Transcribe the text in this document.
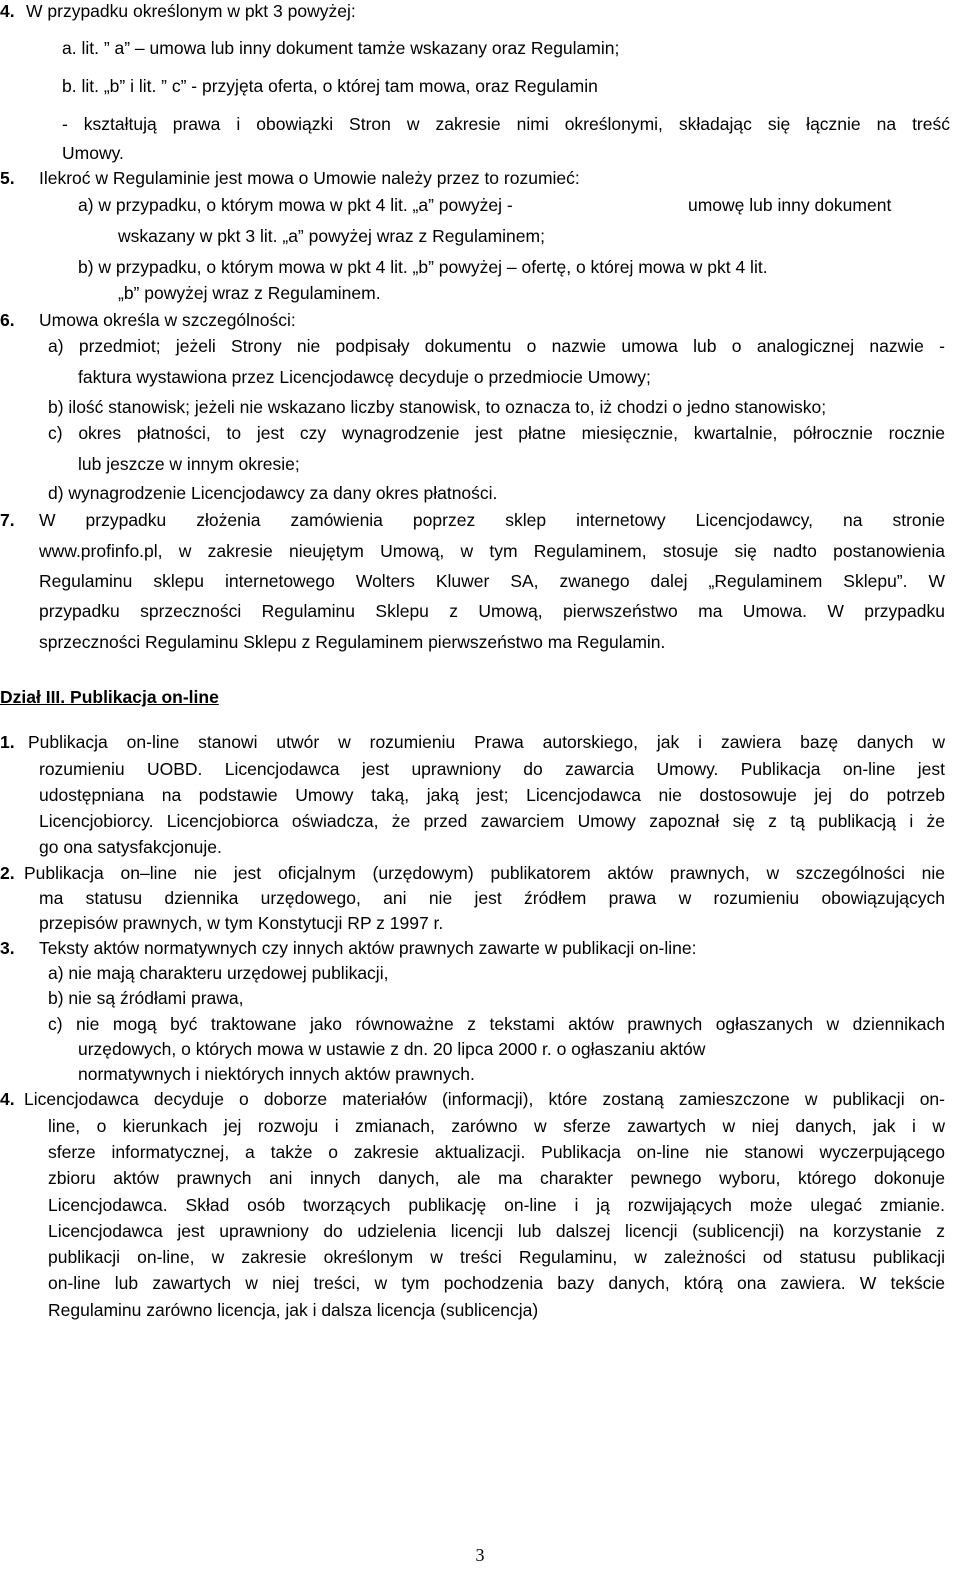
4. W przypadku określonym w pkt 3 powyżej:
a. lit. ” a” – umowa lub inny dokument tamże wskazany oraz Regulamin;
b. lit. „b” i lit. ” c” - przyjęta oferta, o której tam mowa, oraz Regulamin
- kształtują prawa i obowiązki Stron w zakresie nimi określonymi, składając się łącznie na treść
Umowy.
5. Ilekroć w Regulaminie jest mowa o Umowie należy przez to rozumieć:
a) w przypadku, o którym mowa w pkt 4 lit. „a” powyżej -	umowę lub inny dokument
wskazany w pkt 3 lit. „a” powyżej wraz z Regulaminem;
b) w przypadku, o którym mowa w pkt 4 lit. „b” powyżej – ofertę, o której mowa w pkt 4 lit.
„b” powyżej wraz z Regulaminem.
6. Umowa określa w szczególności:
a) przedmiot; jeżeli Strony nie podpisały dokumentu o nazwie umowa lub o analogicznej nazwie -
faktura wystawiona przez Licencjodawcę decyduje o przedmiocie Umowy;
b) ilość stanowisk; jeżeli nie wskazano liczby stanowisk, to oznacza to, iż chodzi o jedno stanowisko;
c) okres płatności, to jest czy wynagrodzenie jest płatne miesięcznie, kwartalnie, półrocznie rocznie
lub jeszcze w innym okresie;
d) wynagrodzenie Licencjodawcy za dany okres płatności.
7. W przypadku złożenia zamówienia poprzez sklep internetowy Licencjodawcy, na stronie
www.profinfo.pl, w zakresie nieujętym Umową, w tym Regulaminem, stosuje się nadto postanowienia
Regulaminu sklepu internetowego Wolters Kluwer SA, zwanego dalej „Regulaminem Sklepu”. W
przypadku sprzeczności Regulaminu Sklepu z Umową, pierwszeństwo ma Umowa. W przypadku
sprzeczności Regulaminu Sklepu z Regulaminem pierwszeństwo ma Regulamin.
Dział III. Publikacja on-line
1. Publikacja on-line stanowi utwór w rozumieniu Prawa autorskiego, jak i zawiera bazę danych w
rozumieniu UOBD. Licencjodawca jest uprawniony do zawarcia Umowy. Publikacja on-line jest
udostępniana na podstawie Umowy taką, jaką jest; Licencjodawca nie dostosowuje jej do potrzeb
Licencjobiorcy. Licencjobiorca oświadcza, że przed zawarciem Umowy zapoznał się z tą publikacją i że
go ona satysfakcjonuje.
2. Publikacja on–line nie jest oficjalnym (urzędowym) publikatorem aktów prawnych, w szczególności nie
ma statusu dziennika urzędowego, ani nie jest źródłem prawa w rozumieniu obowiązujących
przepisów prawnych, w tym Konstytucji RP z 1997 r.
3. Teksty aktów normatywnych czy innych aktów prawnych zawarte w publikacji on-line:
a) nie mają charakteru urzędowej publikacji,
b) nie są źródłami prawa,
c) nie mogą być traktowane jako równoważne z tekstami aktów prawnych ogłaszanych w dziennikach
urzędowych, o których mowa w ustawie z dn. 20 lipca 2000 r. o ogłaszaniu aktów
normatywnych i niektórych innych aktów prawnych.
4. Licencjodawca decyduje o doborze materiałów (informacji), które zostaną zamieszczone w publikacji on-
line, o kierunkach jej rozwoju i zmianach, zarówno w sferze zawartych w niej danych, jak i w
sferze informatycznej, a także o zakresie aktualizacji. Publikacja on-line nie stanowi wyczerpującego
zbioru aktów prawnych ani innych danych, ale ma charakter pewnego wyboru, którego dokonuje
Licencjodawca. Skład osób tworzących publikację on-line i ją rozwijających może ulegać zmianie.
Licencjodawca jest uprawniony do udzielenia licencji lub dalszej licencji (sublicencji) na korzystanie z
publikacji on-line, w zakresie określonym w treści Regulaminu, w zależności od statusu publikacji
on-line lub zawartych w niej treści, w tym pochodzenia bazy danych, którą ona zawiera. W tekście
Regulaminu zarówno licencja, jak i dalsza licencja (sublicencja)
3
